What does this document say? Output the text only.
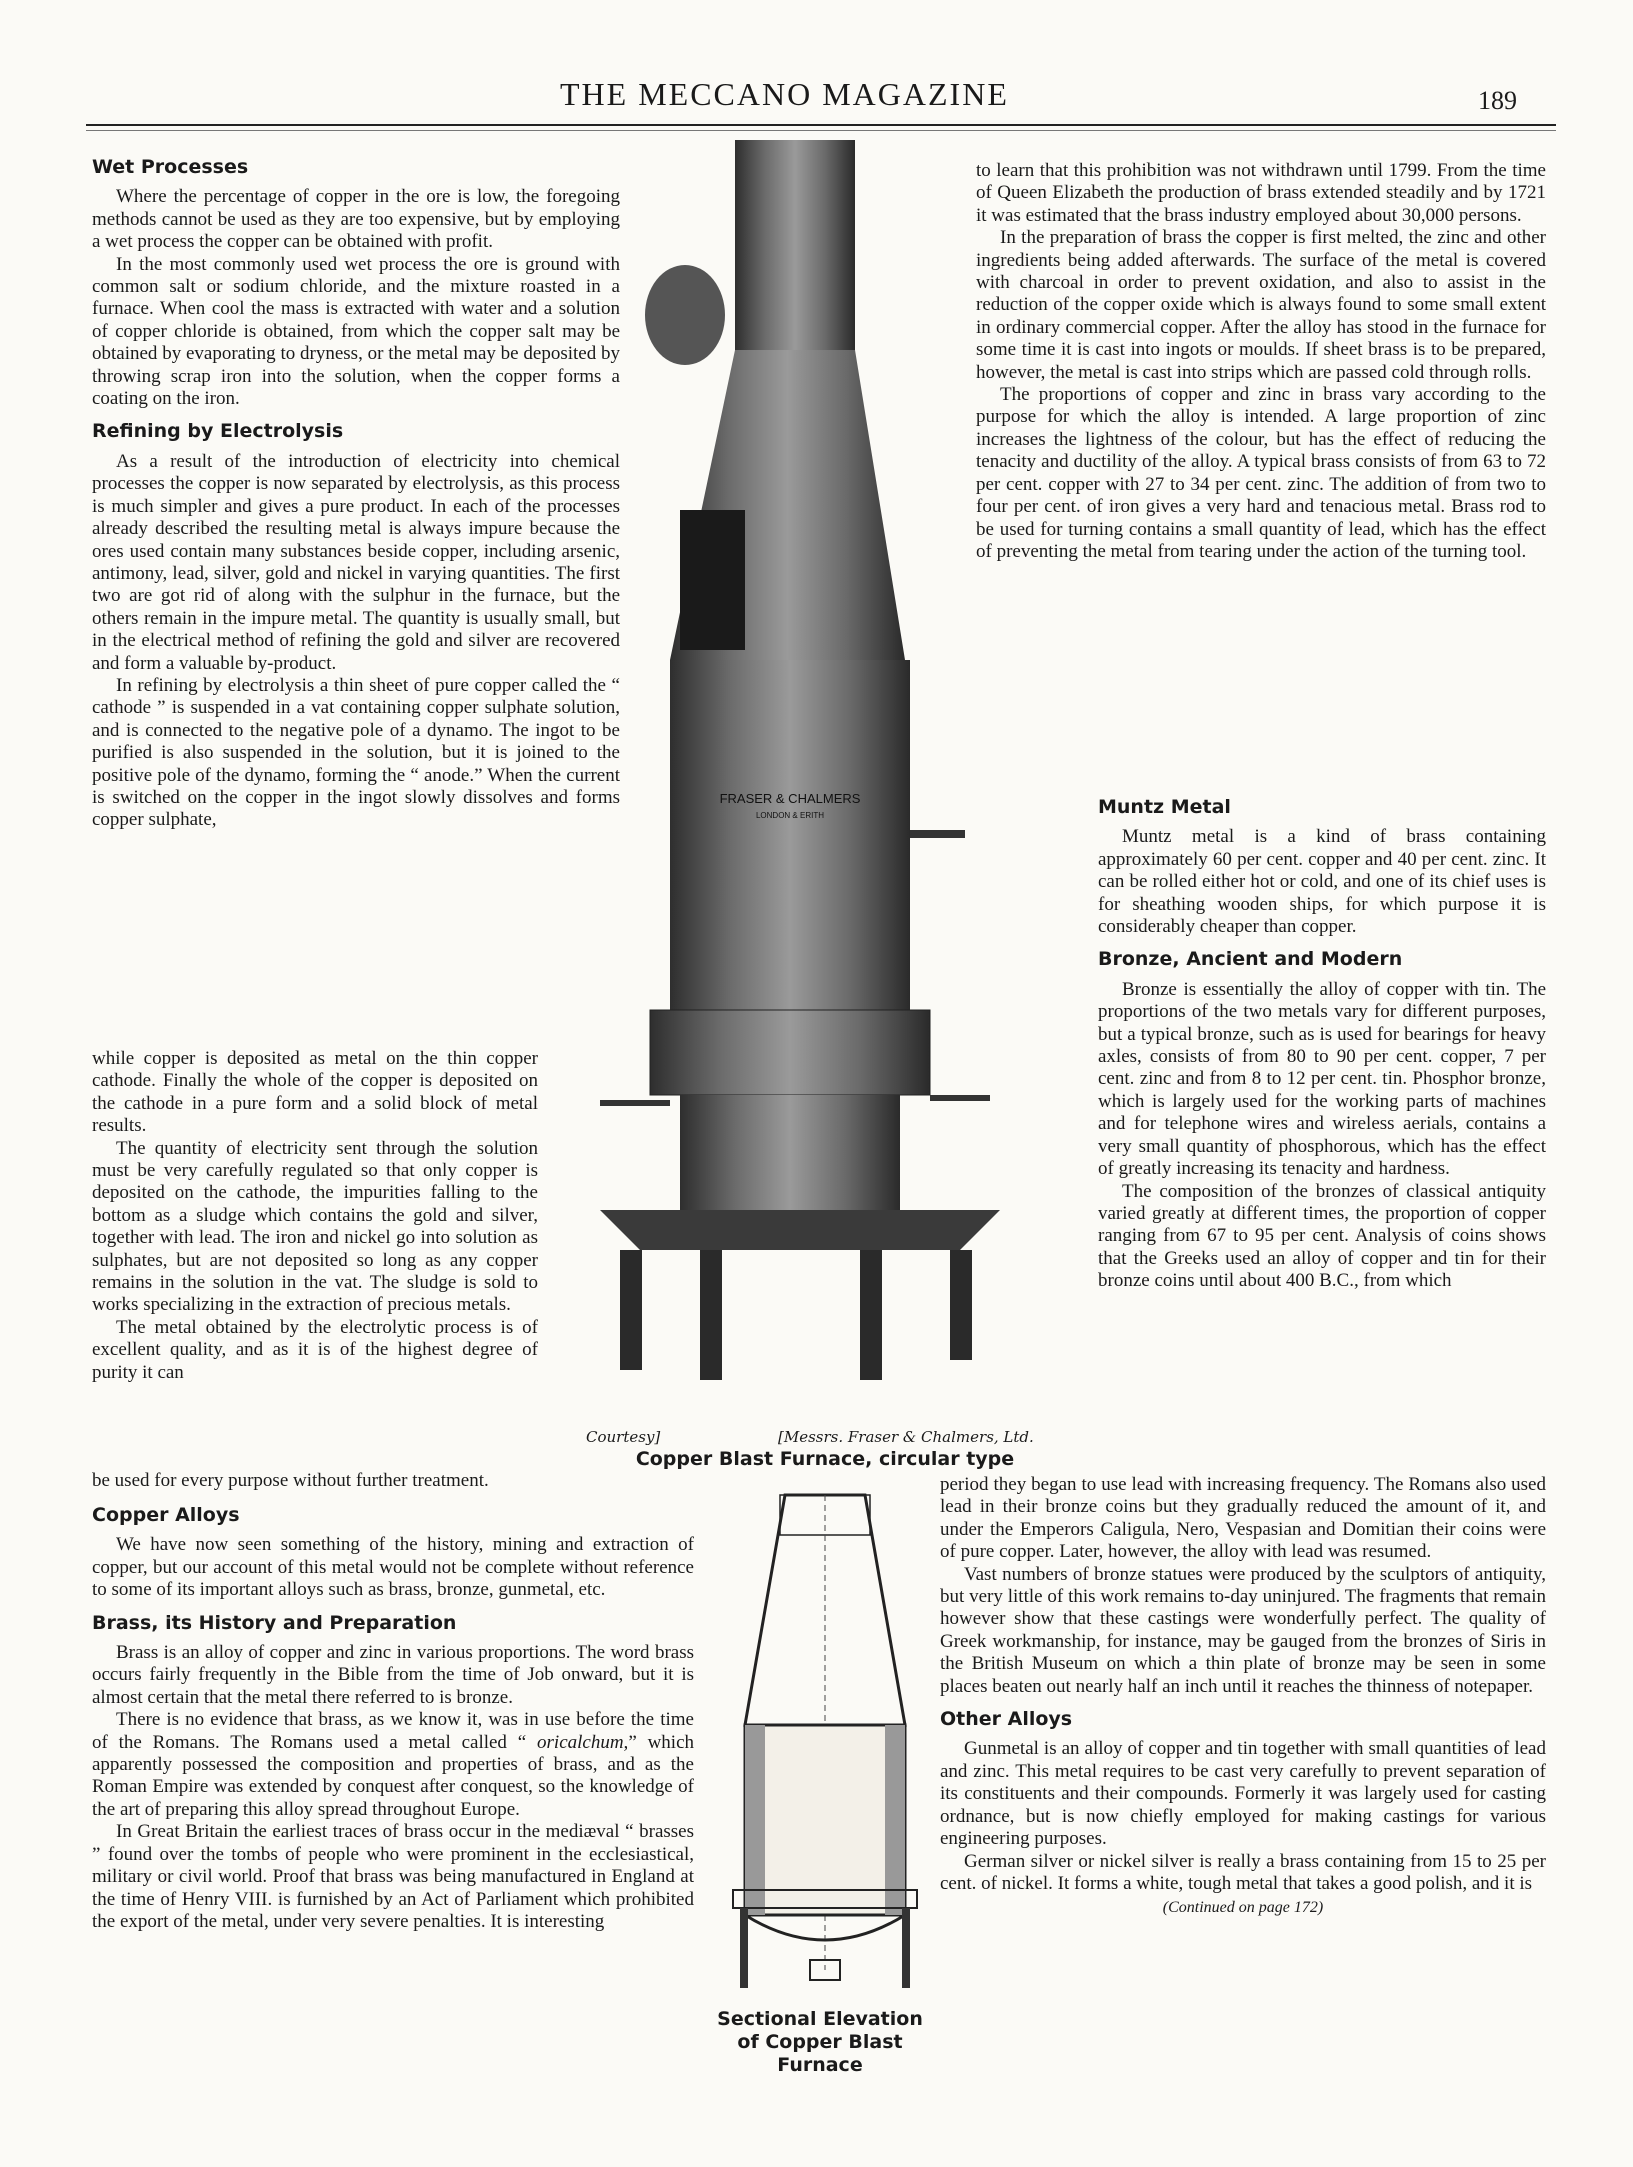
THE MECCANO MAGAZINE	189
Wet Processes

Where the percentage of copper in the ore is low, the foregoing methods cannot be used as they are too expensive, but by employing a wet process the copper can be obtained with profit.

In the most commonly used wet process the ore is ground with common salt or sodium chloride, and the mixture roasted in a furnace. When cool the mass is extracted with water and a solution of copper chloride is obtained, from which the copper salt may be obtained by evaporating to dryness, or the metal may be deposited by throwing scrap iron into the solution, when the copper forms a coating on the iron.

Refining by Electrolysis

As a result of the introduction of electricity into chemical processes the copper is now separated by electrolysis, as this process is much simpler and gives a pure product. In each of the processes already described the resulting metal is always impure because the ores used contain many substances beside copper, including arsenic, antimony, lead, silver, gold and nickel in varying quantities. The first two are got rid of along with the sulphur in the furnace, but the others remain in the impure metal. The quantity is usually small, but in the electrical method of refining the gold and silver are recovered and form a valuable by-product.

In refining by electrolysis a thin sheet of pure copper called the “ cathode ” is suspended in a vat containing copper sulphate solution, and is connected to the negative pole of a dynamo. The ingot to be purified is also suspended in the solution, but it is joined to the positive pole of the dynamo, forming the “ anode.” When the current is switched on the copper in the ingot slowly dissolves and forms copper sulphate,

while copper is deposited as metal on the thin copper cathode. Finally the whole of the copper is deposited on the cathode in a pure form and a solid block of metal results.

The quantity of electricity sent through the solution must be very carefully regulated so that only copper is deposited on the cathode, the impurities falling to the bottom as a sludge which contains the gold and silver, together with lead. The iron and nickel go into solution as sulphates, but are not deposited so long as any copper remains in the solution in the vat. The sludge is sold to works specializing in the extraction of precious metals.

The metal obtained by the electrolytic process is of excellent quality, and as it is of the highest degree of purity it can

be used for every purpose without further treatment.

Copper Alloys

We have now seen something of the history, mining and extraction of copper, but our account of this metal would not be complete without reference to some of its important alloys such as brass, bronze, gunmetal, etc.

Brass, its History and Preparation

Brass is an alloy of copper and zinc in various proportions. The word brass occurs fairly frequently in the Bible from the time of Job onward, but it is almost certain that the metal there referred to is bronze.

There is no evidence that brass, as we know it, was in use before the time of the Romans. The Romans used a metal called “ oricalchum,” which apparently possessed the composition and properties of brass, and as the Roman Empire was extended by conquest after conquest, so the knowledge of the art of preparing this alloy spread throughout Europe.

In Great Britain the earliest traces of brass occur in the mediæval “ brasses ” found over the tombs of people who were prominent in the ecclesiastical, military or civil world. Proof that brass was being manufactured in England at the time of Henry VIII. is furnished by an Act of Parliament which prohibited the export of the metal, under very severe penalties. It is interesting

to learn that this prohibition was not withdrawn until 1799. From the time of Queen Elizabeth the production of brass extended steadily and by 1721 it was estimated that the brass industry employed about 30,000 persons.

In the preparation of brass the copper is first melted, the zinc and other ingredients being added afterwards. The surface of the metal is covered with charcoal in order to prevent oxidation, and also to assist in the reduction of the copper oxide which is always found to some small extent in ordinary commercial copper. After the alloy has stood in the furnace for some time it is cast into ingots or moulds. If sheet brass is to be prepared, however, the metal is cast into strips which are passed cold through rolls.

The proportions of copper and zinc in brass vary according to the purpose for which the alloy is intended. A large proportion of zinc increases the lightness of the colour, but has the effect of reducing the tenacity and ductility of the alloy. A typical brass consists of from 63 to 72 per cent. copper with 27 to 34 per cent. zinc. The addition of from two to four per cent. of iron gives a very hard and tenacious metal. Brass rod to be used for turning contains a small quantity of lead, which has the effect of preventing the metal from tearing under the action of the turning tool.

Muntz Metal

Muntz metal is a kind of brass containing approximately 60 per cent. copper and 40 per cent. zinc. It can be rolled either hot or cold, and one of its chief uses is for sheathing wooden ships, for which purpose it is considerably cheaper than copper.

Bronze, Ancient and Modern

Bronze is essentially the alloy of copper with tin. The proportions of the two metals vary for different purposes, but a typical bronze, such as is used for bearings for heavy axles, consists of from 80 to 90 per cent. copper, 7 per cent. zinc and from 8 to 12 per cent. tin. Phosphor bronze, which is largely used for the working parts of machines and for telephone wires and wireless aerials, contains a very small quantity of phosphorous, which has the effect of greatly increasing its tenacity and hardness.

The composition of the bronzes of classical antiquity varied greatly at different times, the proportion of copper ranging from 67 to 95 per cent. Analysis of coins shows that the Greeks used an alloy of copper and tin for their bronze coins until about 400 B.C., from which

period they began to use lead with increasing frequency. The Romans also used lead in their bronze coins but they gradually reduced the amount of it, and under the Emperors Caligula, Nero, Vespasian and Domitian their coins were of pure copper. Later, however, the alloy with lead was resumed.

Vast numbers of bronze statues were produced by the sculptors of antiquity, but very little of this work remains to-day uninjured. The fragments that remain however show that these castings were wonderfully perfect. The quality of Greek workmanship, for instance, may be gauged from the bronzes of Siris in the British Museum on which a thin plate of bronze may be seen in some places beaten out nearly half an inch until it reaches the thinness of notepaper.

Other Alloys

Gunmetal is an alloy of copper and tin together with small quantities of lead and zinc. This metal requires to be cast very carefully to prevent separation of its constituents and their compounds. Formerly it was largely used for casting ordnance, but is now chiefly employed for making castings for various engineering purposes.

German silver or nickel silver is really a brass containing from 15 to 25 per cent. of nickel. It forms a white, tough metal that takes a good polish, and it is

(Continued on page 172)
FRASER & CHALMERS
LONDON & ERITH
Courtesy]	[Messrs. Fraser & Chalmers, Ltd.
Copper Blast Furnace, circular type
Sectional Elevation
of Copper Blast
Furnace
